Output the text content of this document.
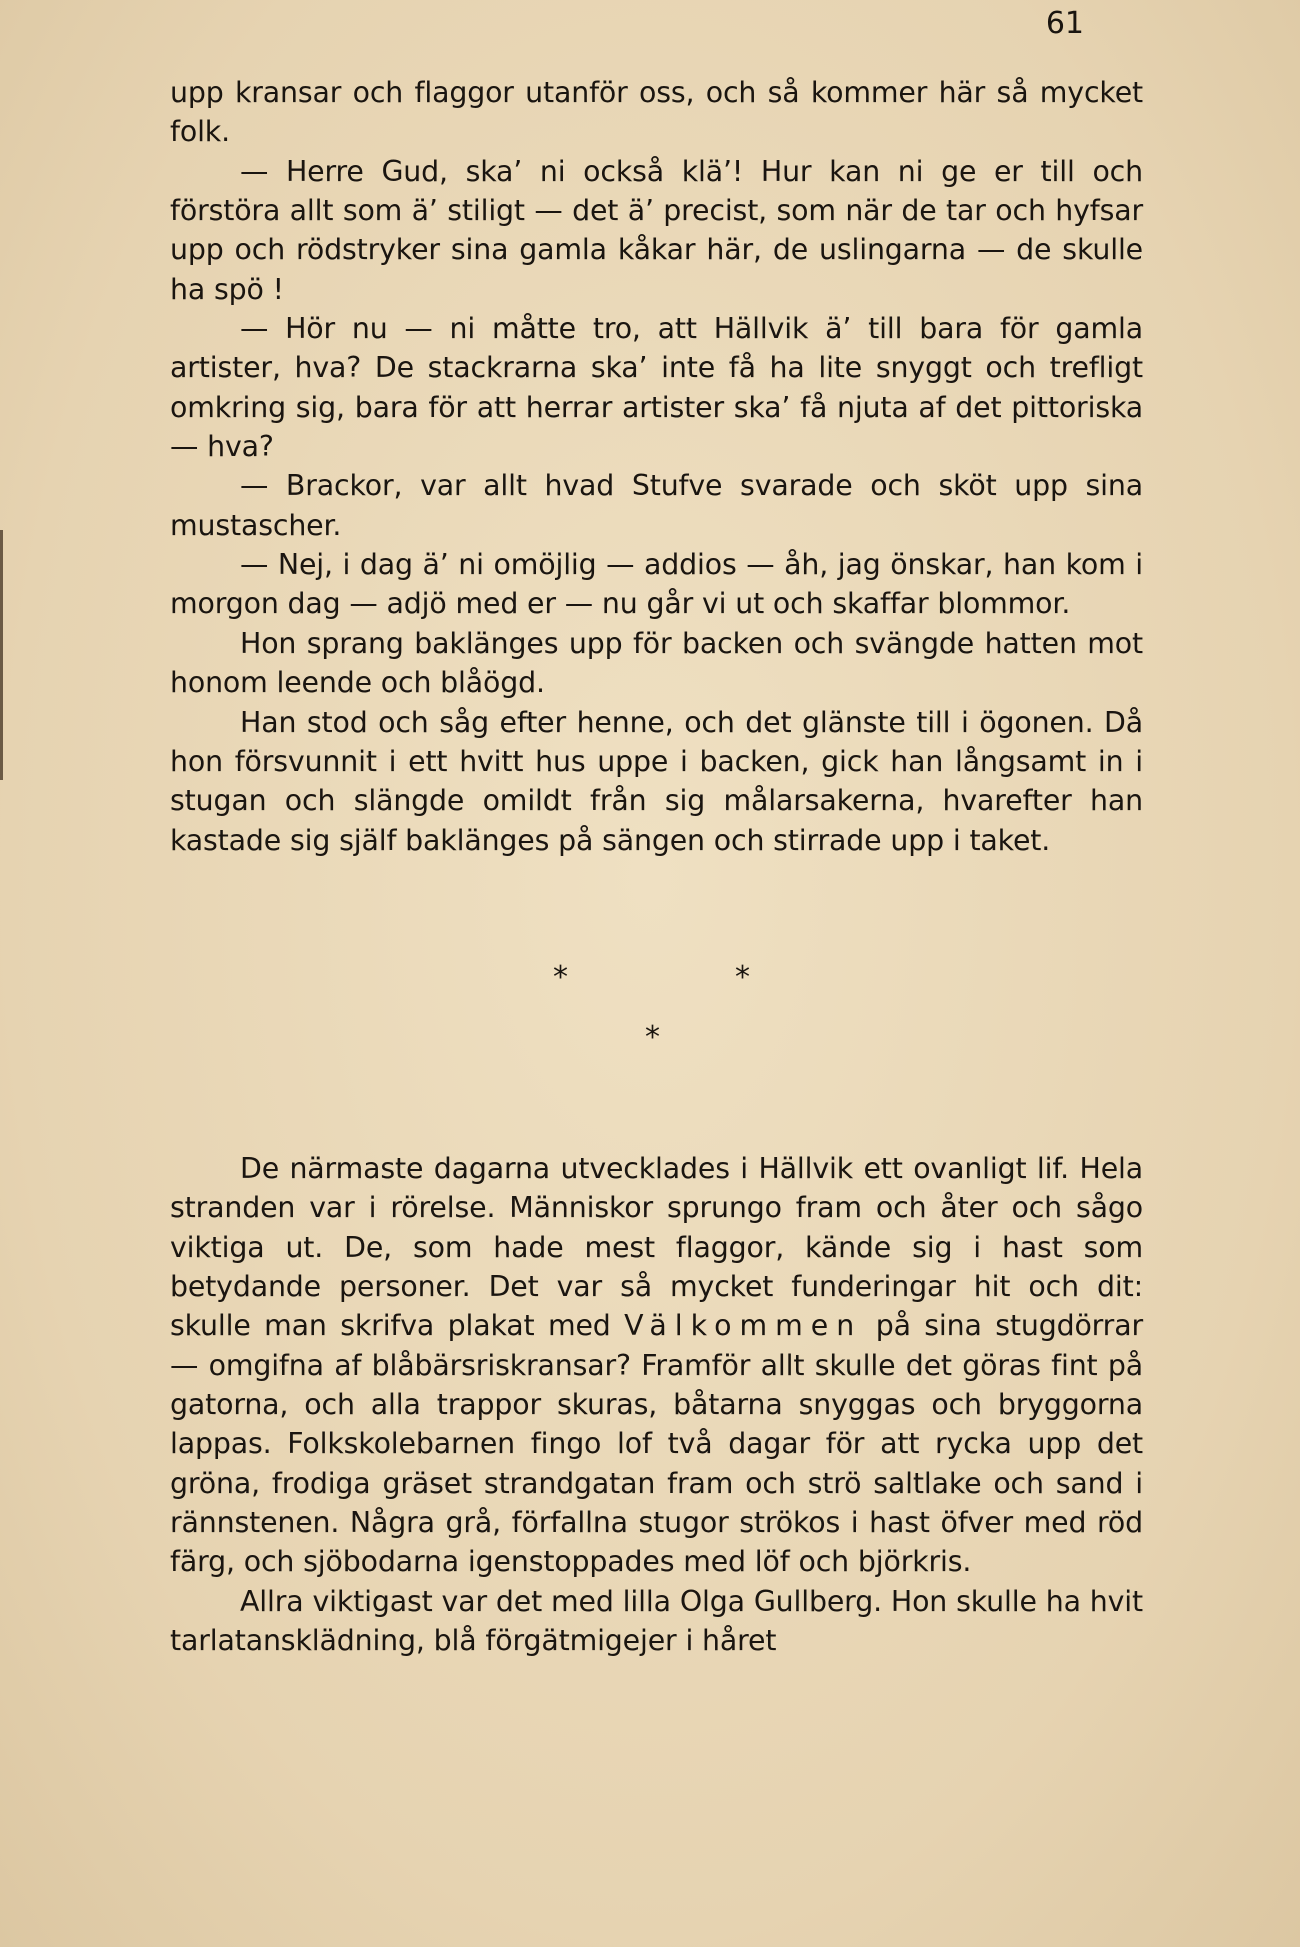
61

upp kransar och flaggor utanför oss, och så kommer här så mycket folk.

— Herre Gud, ska’ ni också klä’! Hur kan ni ge er till och förstöra allt som ä’ stiligt — det ä’ precist, som när de tar och hyfsar upp och rödstryker sina gamla kåkar här, de uslingarna — de skulle ha spö !

— Hör nu — ni måtte tro, att Hällvik ä’ till bara för gamla artister, hva? De stackrarna ska’ inte få ha lite snyggt och trefligt omkring sig, bara för att herrar artister ska’ få njuta af det pittoriska — hva?

— Brackor, var allt hvad Stufve svarade och sköt upp sina mustascher.

— Nej, i dag ä’ ni omöjlig — addios — åh, jag önskar, han kom i morgon dag — adjö med er — nu går vi ut och skaffar blommor.

Hon sprang baklänges upp för backen och svängde hatten mot honom leende och blåögd.

Han stod och såg efter henne, och det glänste till i ögonen. Då hon försvunnit i ett hvitt hus uppe i backen, gick han långsamt in i stugan och slängde omildt från sig målarsakerna, hvarefter han kastade sig själf baklänges på sängen och stirrade upp i taket.

*	*
*

De närmaste dagarna utvecklades i Hällvik ett ovanligt lif. Hela stranden var i rörelse. Människor sprungo fram och åter och sågo viktiga ut. De, som hade mest flaggor, kände sig i hast som betydande personer. Det var så mycket funderingar hit och dit: skulle man skrifva plakat med Välkommen på sina stugdörrar — omgifna af blåbärsriskransar? Framför allt skulle det göras fint på gatorna, och alla trappor skuras, båtarna snyggas och bryggorna lappas. Folkskolebarnen fingo lof två dagar för att rycka upp det gröna, frodiga gräset strandgatan fram och strö saltlake och sand i rännstenen. Några grå, förfallna stugor strökos i hast öfver med röd färg, och sjöbodarna igenstoppades med löf och björkris.

Allra viktigast var det med lilla Olga Gullberg. Hon skulle ha hvit tarlatansklädning, blå förgätmigejer i håret
